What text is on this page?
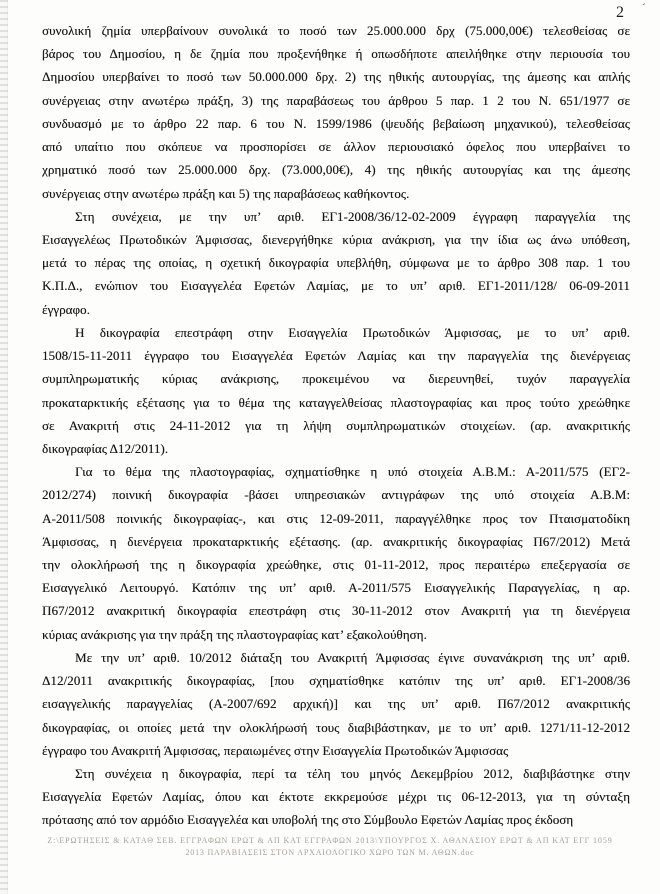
2 ˊ
συνολική ζημία υπερβαίνουν συνολικά το ποσό των 25.000.000 δρχ (75.000,00€) τελεσθείσας σε
βάρος του Δημοσίου, η δε ζημία που προξενήθηκε ή οπωσδήποτε απειλήθηκε στην περιουσία του
Δημοσίου υπερβαίνει το ποσό των 50.000.000 δρχ. 2) της ηθικής αυτουργίας, της άμεσης και απλής
συνέργειας στην ανωτέρω πράξη, 3) της παραβάσεως του άρθρου 5 παρ. 1 2 του Ν. 651/1977 σε
συνδυασμό με το άρθρο 22 παρ. 6 του Ν. 1599/1986 (ψευδής βεβαίωση μηχανικού), τελεσθείσας
από υπαίτιο που σκόπευε να προσπορίσει σε άλλον περιουσιακό όφελος που υπερβαίνει το
χρηματικό ποσό των 25.000.000 δρχ. (73.000,00€), 4) της ηθικής αυτουργίας και της άμεσης
συνέργειας στην ανωτέρω πράξη και 5) της παραβάσεως καθήκοντος.
Στη συνέχεια, με την υπ’ αριθ. ΕΓ1-2008/36/12-02-2009 έγγραφη παραγγελία της
Εισαγγελέως Πρωτοδικών Άμφισσας, διενεργήθηκε κύρια ανάκριση, για την ίδια ως άνω υπόθεση,
μετά το πέρας της οποίας, η σχετική δικογραφία υπεβλήθη, σύμφωνα με το άρθρο 308 παρ. 1 του
Κ.Π.Δ., ενώπιον του Εισαγγελέα Εφετών Λαμίας, με το υπ’ αριθ. ΕΓ1-2011/128/ 06-09-2011
έγγραφο.
Η δικογραφία επεστράφη στην Εισαγγελία Πρωτοδικών Άμφισσας, με το υπ’ αριθ.
1508/15-11-2011 έγγραφο του Εισαγγελέα Εφετών Λαμίας και την παραγγελία της διενέργειας
συμπληρωματικής κύριας ανάκρισης, προκειμένου να διερευνηθεί, τυχόν παραγγελία
προκαταρκτικής εξέτασης για το θέμα της καταγγελθείσας πλαστογραφίας και προς τούτο χρεώθηκε
σε Ανακριτή στις 24-11-2012 για τη λήψη συμπληρωματικών στοιχείων. (αρ. ανακριτικής
δικογραφίας Δ12/2011).
Για το θέμα της πλαστογραφίας, σχηματίσθηκε η υπό στοιχεία Α.Β.Μ.: Α-2011/575 (ΕΓ2-
2012/274) ποινική δικογραφία -βάσει υπηρεσιακών αντιγράφων της υπό στοιχεία Α.Β.Μ:
Α-2011/508 ποινικής δικογραφίας-, και στις 12-09-2011, παραγγέλθηκε προς τον Πταισματοδίκη
Άμφισσας, η διενέργεια προκαταρκτικής εξέτασης. (αρ. ανακριτικής δικογραφίας Π67/2012) Μετά
την ολοκλήρωσή της η δικογραφία χρεώθηκε, στις 01-11-2012, προς περαιτέρω επεξεργασία σε
Εισαγγελικό Λειτουργό. Κατόπιν της υπ’ αριθ. Α-2011/575 Εισαγγελικής Παραγγελίας, η αρ.
Π67/2012 ανακριτική δικογραφία επεστράφη στις 30-11-2012 στον Ανακριτή για τη διενέργεια
κύριας ανάκρισης για την πράξη της πλαστογραφίας κατ’ εξακολούθηση.
Με την υπ’ αριθ. 10/2012 διάταξη του Ανακριτή Άμφισσας έγινε συνανάκριση της υπ’ αριθ.
Δ12/2011 ανακριτικής δικογραφίας, [που σχηματίσθηκε κατόπιν της υπ’ αριθ. ΕΓ1-2008/36
εισαγγελικής παραγγελίας (Α-2007/692 αρχική)] και της υπ’ αριθ. Π67/2012 ανακριτικής
δικογραφίας, οι οποίες μετά την ολοκλήρωσή τους διαβιβάστηκαν, με το υπ’ αριθ. 1271/11-12-2012
έγγραφο του Ανακριτή Άμφισσας, περαιωμένες στην Εισαγγελία Πρωτοδικών Άμφισσας
Στη συνέχεια η δικογραφία, περί τα τέλη του μηνός Δεκεμβρίου 2012, διαβιβάστηκε στην
Εισαγγελία Εφετών Λαμίας, όπου και έκτοτε εκκρεμούσε μέχρι τις 06-12-2013, για τη σύνταξη
πρότασης από τον αρμόδιο Εισαγγελέα και υποβολή της στο Σύμβουλο Εφετών Λαμίας προς έκδοση
Ζ:\ΕΡΩΤΗΣΕΙΣ & ΚΑΤΑΘ ΣΕΒ. ΕΓΓΡΑΦΩΝ ΕΡΩΤ & ΑΠ ΚΑΤ ΕΓΓΡΑΦΩΝ 2013\ΥΠΟΥΡΓΟΣ Χ. ΑΘΑΝΑΣΙΟΥ ΕΡΩΤ & ΑΠ ΚΑΤ ΕΓΓ 1059
2013 ΠΑΡΑΒΙΑΣΕΙΣ ΣΤΟΝ ΑΡΧΑΙΟΛΟΓΙΚΟ ΧΩΡΟ ΤΩΝ Μ. ΑΘΩΝ.doc
